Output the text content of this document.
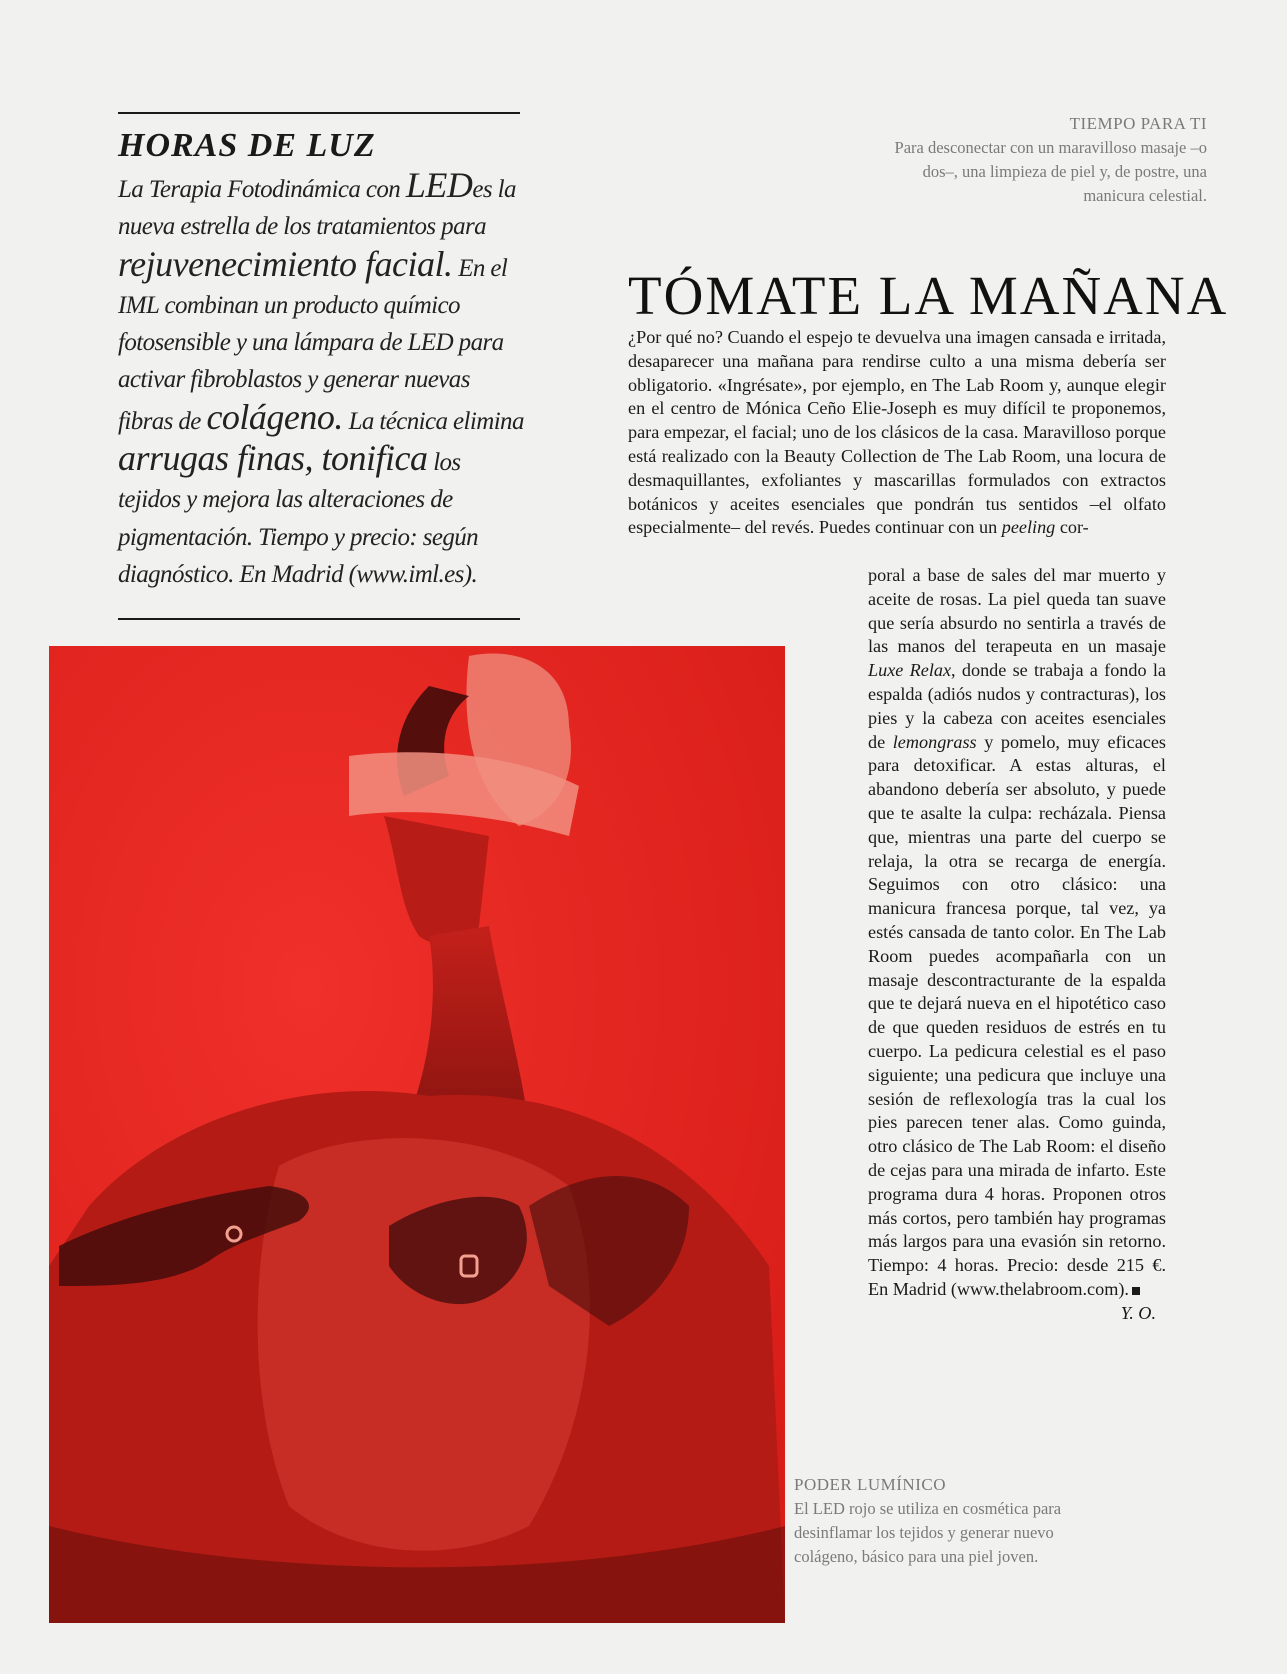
HORAS DE LUZ
La Terapia Fotodinámica con LEDes la nueva estrella de los tratamientos para rejuvenecimiento facial. En el IML combinan un producto químico fotosensible y una lámpara de LED para activar fibroblastos y generar nuevas fibras de colágeno. La técnica elimina arrugas finas, tonifica los tejidos y mejora las alteraciones de pigmentación. Tiempo y precio: según diagnóstico. En Madrid (www.iml.es).
TIEMPO PARA TI
Para desconectar con un maravilloso masaje –o dos–, una limpieza de piel y, de postre, una manicura celestial.
TÓMATE LA MAÑANA

¿Por qué no? Cuando el espejo te devuelva una imagen cansada e irritada, desaparecer una mañana para rendirse culto a una misma debería ser obligatorio. «Ingrésate», por ejemplo, en The Lab Room y, aunque elegir en el centro de Mónica Ceño Elie-Joseph es muy difícil te proponemos, para empezar, el facial; uno de los clásicos de la casa. Maravilloso porque está realizado con la Beauty Collection de The Lab Room, una locura de desmaquillantes, exfoliantes y mascarillas formulados con extractos botánicos y aceites esenciales que pondrán tus sentidos –el olfato especialmente– del revés. Puedes continuar con un peeling cor-

poral a base de sales del mar muerto y aceite de rosas. La piel queda tan suave que sería absurdo no sentirla a través de las manos del terapeuta en un masaje Luxe Relax, donde se trabaja a fondo la espalda (adiós nudos y contracturas), los pies y la cabeza con aceites esenciales de lemongrass y pomelo, muy eficaces para detoxificar. A estas alturas, el abandono debería ser absoluto, y puede que te asalte la culpa: recházala. Piensa que, mientras una parte del cuerpo se relaja, la otra se recarga de energía. Seguimos con otro clásico: una manicura francesa porque, tal vez, ya estés cansada de tanto color. En The Lab Room puedes acompañarla con un masaje descontracturante de la espalda que te dejará nueva en el hipotético caso de que queden residuos de estrés en tu cuerpo. La pedicura celestial es el paso siguiente; una pedicura que incluye una sesión de reflexología tras la cual los pies parecen tener alas. Como guinda, otro clásico de The Lab Room: el diseño de cejas para una mirada de infarto. Este programa dura 4 horas. Proponen otros más cortos, pero también hay programas más largos para una evasión sin retorno. Tiempo: 4 horas. Precio: desde 215 €. En Madrid (www.thelabroom.com).
Y. O.

PODER LUMÍNICO
El LED rojo se utiliza en cosmética para desinflamar los tejidos y generar nuevo colágeno, básico para una piel joven.
